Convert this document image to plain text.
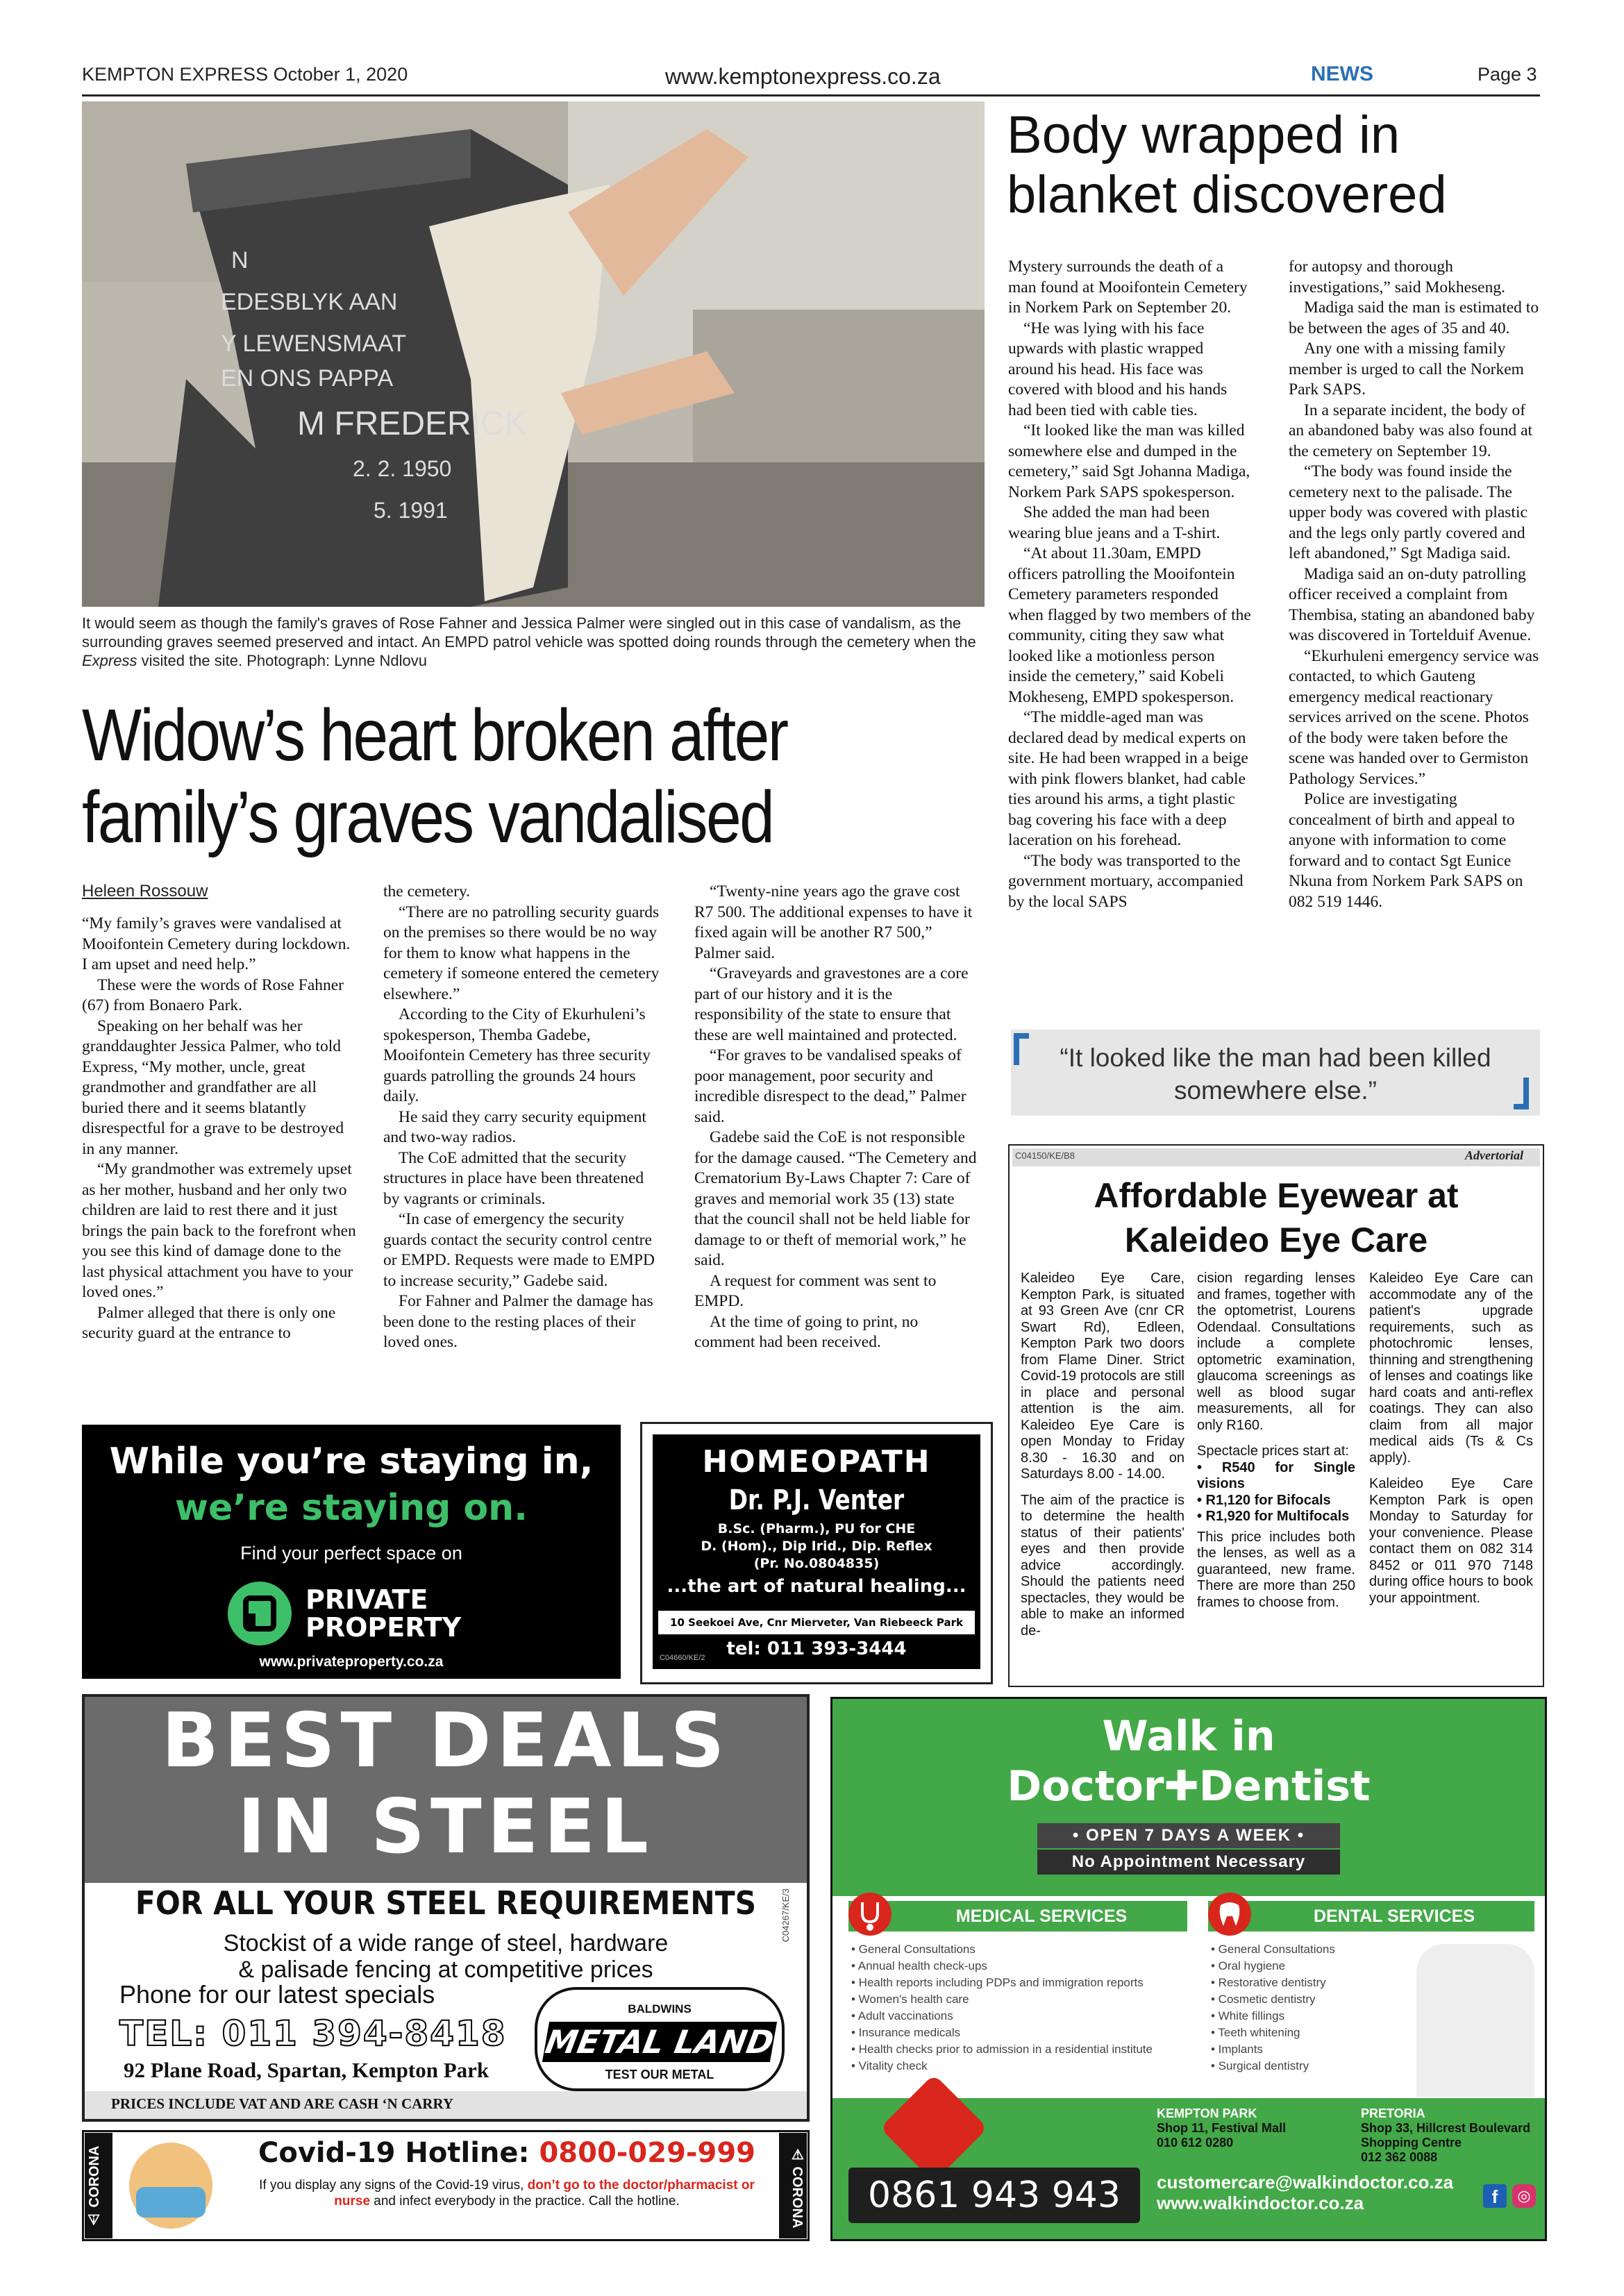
KEMPTON EXPRESS October 1, 2020	www.kemptonexpress.co.za	NEWS	Page 3
N
EDESBLYK AAN
Y LEWENSMAAT
EN ONS PAPPA
M FREDERICK
2. 2. 1950
5. 1991
It would seem as though the family's graves of Rose Fahner and Jessica Palmer were singled out in this case of vandalism, as the surrounding graves seemed preserved and intact. An EMPD patrol vehicle was spotted doing rounds through the cemetery when the Express visited the site. Photograph: Lynne Ndlovu
Widow’s heart broken after
family’s graves vandalised
Heleen Rossouw

“My family’s graves were vandalised at Mooifontein Cemetery during lockdown. I am upset and need help.”

These were the words of Rose Fahner (67) from Bonaero Park.

Speaking on her behalf was her granddaughter Jessica Palmer, who told Express, “My mother, uncle, great grandmother and grandfather are all buried there and it seems blatantly disrespectful for a grave to be destroyed in any manner.

“My grandmother was extremely upset as her mother, husband and her only two children are laid to rest there and it just brings the pain back to the forefront when you see this kind of damage done to the last physical attachment you have to your loved ones.”

Palmer alleged that there is only one security guard at the entrance to

the cemetery.

“There are no patrolling security guards on the premises so there would be no way for them to know what happens in the cemetery if someone entered the cemetery elsewhere.”

According to the City of Ekurhuleni’s spokesperson, Themba Gadebe, Mooifontein Cemetery has three security guards patrolling the grounds 24 hours daily.

He said they carry security equipment and two-way radios.

The CoE admitted that the security structures in place have been threatened by vagrants or criminals.

“In case of emergency the security guards contact the security control centre or EMPD. Requests were made to EMPD to increase security,” Gadebe said.

For Fahner and Palmer the damage has been done to the resting places of their loved ones.

“Twenty-nine years ago the grave cost R7 500. The additional expenses to have it fixed again will be another R7 500,” Palmer said.

“Graveyards and gravestones are a core part of our history and it is the responsibility of the state to ensure that these are well maintained and protected.

“For graves to be vandalised speaks of poor management, poor security and incredible disrespect to the dead,” Palmer said.

Gadebe said the CoE is not responsible for the damage caused. “The Cemetery and Crematorium By-Laws Chapter 7: Care of graves and memorial work 35 (13) state that the council shall not be held liable for damage to or theft of memorial work,” he said.

A request for comment was sent to EMPD.

At the time of going to print, no comment had been received.

Body wrapped in
blanket discovered

Mystery surrounds the death of a man found at Mooifontein Cemetery in Norkem Park on September 20.

“He was lying with his face upwards with plastic wrapped around his head. His face was covered with blood and his hands had been tied with cable ties.

“It looked like the man was killed somewhere else and dumped in the cemetery,” said Sgt Johanna Madiga, Norkem Park SAPS spokesperson.

She added the man had been wearing blue jeans and a T-shirt.

“At about 11.30am, EMPD officers patrolling the Mooifontein Cemetery parameters responded when flagged by two members of the community, citing they saw what looked like a motionless person inside the cemetery,” said Kobeli Mokheseng, EMPD spokesperson.

“The middle-aged man was declared dead by medical experts on site. He had been wrapped in a beige with pink flowers blanket, had cable ties around his arms, a tight plastic bag covering his face with a deep laceration on his forehead.

“The body was transported to the government mortuary, accompanied by the local SAPS

for autopsy and thorough investigations,” said Mokheseng.

Madiga said the man is estimated to be between the ages of 35 and 40.

Any one with a missing family member is urged to call the Norkem Park SAPS.

In a separate incident, the body of an abandoned baby was also found at the cemetery on September 19.

“The body was found inside the cemetery next to the palisade. The upper body was covered with plastic and the legs only partly covered and left abandoned,” Sgt Madiga said.

Madiga said an on-duty patrolling officer received a complaint from Thembisa, stating an abandoned baby was discovered in Tortelduif Avenue.

“Ekurhuleni emergency service was contacted, to which Gauteng emergency medical reactionary services arrived on the scene. Photos of the body were taken before the scene was handed over to Germiston Pathology Services.”

Police are investigating concealment of birth and appeal to anyone with information to come forward and to contact Sgt Eunice Nkuna from Norkem Park SAPS on 082 519 1446.

“It looked like the man had been killed
somewhere else.”
C04150/KE/B8	Advertorial
Affordable Eyewear at
Kaleideo Eye Care

Kaleideo Eye Care, Kempton Park, is situated at 93 Green Ave (cnr CR Swart Rd), Edleen, Kempton Park two doors from Flame Diner. Strict Covid-19 protocols are still in place and personal attention is the aim. Kaleideo Eye Care is open Monday to Friday 8.30 - 16.30 and on Saturdays 8.00 - 14.00.

The aim of the practice is to determine the health status of their patients' eyes and then provide advice accordingly. Should the patients need spectacles, they would be able to make an informed de-

cision regarding lenses and frames, together with the optometrist, Lourens Odendaal. Consultations include a complete optometric examination, glaucoma screenings as well as blood sugar measurements, all for only R160.

Spectacle prices start at:
• R540 for Single visions
• R1,120 for Bifocals
• R1,920 for Multifocals

This price includes both the lenses, as well as a guaranteed, new frame. There are more than 250 frames to choose from.

Kaleideo Eye Care can accommodate any of the patient's upgrade requirements, such as photochromic lenses, thinning and strengthening of lenses and coatings like hard coats and anti-reflex coatings. They can also claim from all major medical aids (Ts & Cs apply).

Kaleideo Eye Care Kempton Park is open Monday to Saturday for your convenience. Please contact them on 082 314 8452 or 011 970 7148 during office hours to book your appointment.

While you’re staying in,
we’re staying on.
Find your perfect space on
PRIVATE
PROPERTY
www.privateproperty.co.za
HOMEOPATH
Dr. P.J. Venter
B.Sc. (Pharm.), PU for CHE
D. (Hom)., Dip Irid., Dip. Reflex
(Pr. No.0804835)
...the art of natural healing...
10 Seekoei Ave, Cnr Mierveter, Van Riebeeck Park
tel: 011 393-3444
C04660/KE/2
BEST DEALS
IN STEEL
FOR ALL YOUR STEEL REQUIREMENTS
Stockist of a wide range of steel, hardware
& palisade fencing at competitive prices
Phone for our latest specials
TEL: 011 394-8418
92 Plane Road, Spartan, Kempton Park
BALDWINS
METAL LAND
TEST OUR METAL
C04267/KE/3
PRICES INCLUDE VAT AND ARE CASH ‘N CARRY
⚠ CORONA	⚠ CORONA
Covid-19 Hotline: 0800-029-999
If you display any signs of the Covid-19 virus, don’t go to the doctor/pharmacist or nurse and infect everybody in the practice. Call the hotline.
Walk in
Doctor✚Dentist
• OPEN 7 DAYS A WEEK •
No Appointment Necessary
MEDICAL SERVICES	DENTAL SERVICES
• General Consultations
• Annual health check-ups
• Health reports including PDPs and immigration reports
• Women's health care
• Adult vaccinations
• Insurance medicals
• Health checks prior to admission in a residential institute
• Vitality check
• General Consultations
• Oral hygiene
• Restorative dentistry
• Cosmetic dentistry
• White fillings
• Teeth whitening
• Implants
• Surgical dentistry
KEMPTON PARK
Shop 11, Festival Mall
010 612 0280
PRETORIA
Shop 33, Hillcrest Boulevard
Shopping Centre
012 362 0088
0861 943 943	customercare@walkindoctor.co.za
www.walkindoctor.co.za	f	◎
